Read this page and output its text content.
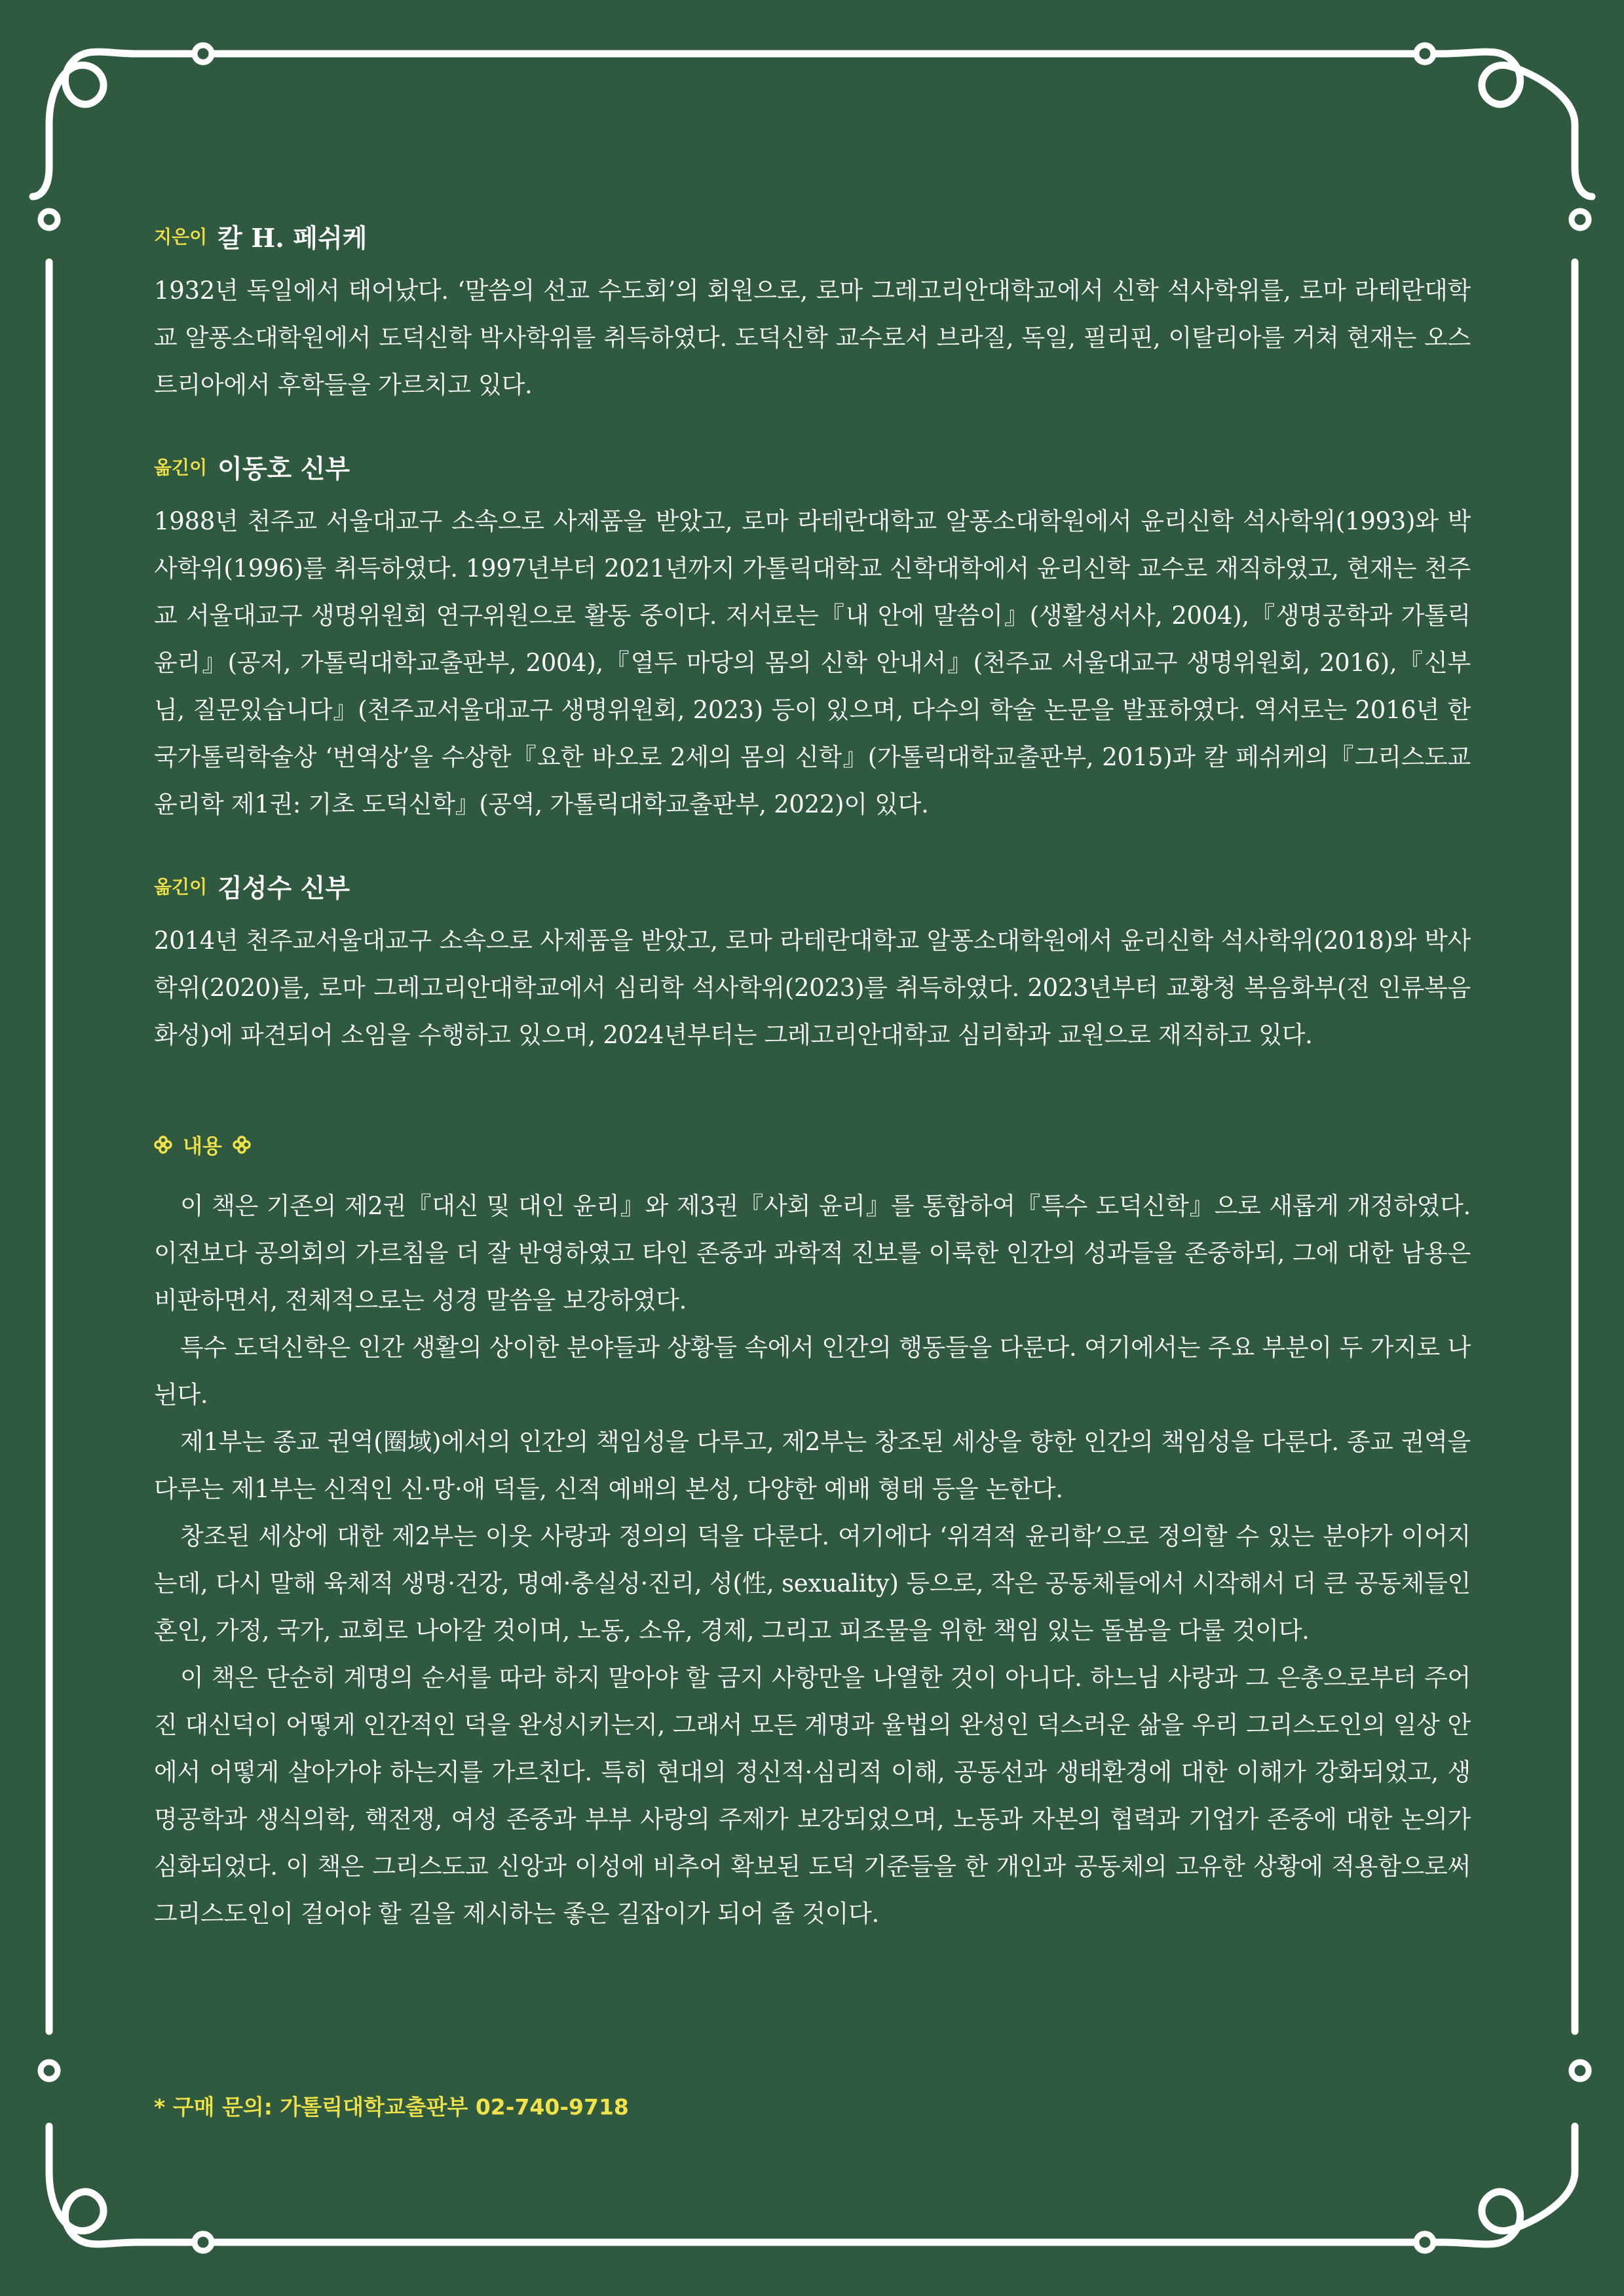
지은이 칼 H. 페쉬케

1932년 독일에서 태어났다. ‘말씀의 선교 수도회’의 회원으로, 로마 그레고리안대학교에서 신학 석사학위를, 로마 라테란대학교 알퐁소대학원에서 도덕신학 박사학위를 취득하였다. 도덕신학 교수로서 브라질, 독일, 필리핀, 이탈리아를 거쳐 현재는 오스트리아에서 후학들을 가르치고 있다.

옮긴이 이동호 신부

1988년 천주교 서울대교구 소속으로 사제품을 받았고, 로마 라테란대학교 알퐁소대학원에서 윤리신학 석사학위(1993)와 박사학위(1996)를 취득하였다. 1997년부터 2021년까지 가톨릭대학교 신학대학에서 윤리신학 교수로 재직하였고, 현재는 천주교 서울대교구 생명위원회 연구위원으로 활동 중이다. 저서로는『내 안에 말씀이』(생활성서사, 2004),『생명공학과 가톨릭 윤리』(공저, 가톨릭대학교출판부, 2004),『열두 마당의 몸의 신학 안내서』(천주교 서울대교구 생명위원회, 2016),『신부님, 질문있습니다』(천주교서울대교구 생명위원회, 2023) 등이 있으며, 다수의 학술 논문을 발표하였다. 역서로는 2016년 한국가톨릭학술상 ‘번역상’을 수상한『요한 바오로 2세의 몸의 신학』(가톨릭대학교출판부, 2015)과 칼 페쉬케의『그리스도교 윤리학 제1권: 기초 도덕신학』(공역, 가톨릭대학교출판부, 2022)이 있다.

옮긴이 김성수 신부

2014년 천주교서울대교구 소속으로 사제품을 받았고, 로마 라테란대학교 알퐁소대학원에서 윤리신학 석사학위(2018)와 박사학위(2020)를, 로마 그레고리안대학교에서 심리학 석사학위(2023)를 취득하였다. 2023년부터 교황청 복음화부(전 인류복음화성)에 파견되어 소임을 수행하고 있으며, 2024년부터는 그레고리안대학교 심리학과 교원으로 재직하고 있다.

내용

이 책은 기존의 제2권『대신 및 대인 윤리』와 제3권『사회 윤리』를 통합하여『특수 도덕신학』으로 새롭게 개정하였다. 이전보다 공의회의 가르침을 더 잘 반영하였고 타인 존중과 과학적 진보를 이룩한 인간의 성과들을 존중하되, 그에 대한 남용은 비판하면서, 전체적으로는 성경 말씀을 보강하였다.

특수 도덕신학은 인간 생활의 상이한 분야들과 상황들 속에서 인간의 행동들을 다룬다. 여기에서는 주요 부분이 두 가지로 나뉜다.

제1부는 종교 권역(圈域)에서의 인간의 책임성을 다루고, 제2부는 창조된 세상을 향한 인간의 책임성을 다룬다. 종교 권역을 다루는 제1부는 신적인 신·망·애 덕들, 신적 예배의 본성, 다양한 예배 형태 등을 논한다.

창조된 세상에 대한 제2부는 이웃 사랑과 정의의 덕을 다룬다. 여기에다 ‘위격적 윤리학’으로 정의할 수 있는 분야가 이어지는데, 다시 말해 육체적 생명·건강, 명예·충실성·진리, 성(性, sexuality) 등으로, 작은 공동체들에서 시작해서 더 큰 공동체들인 혼인, 가정, 국가, 교회로 나아갈 것이며, 노동, 소유, 경제, 그리고 피조물을 위한 책임 있는 돌봄을 다룰 것이다.

이 책은 단순히 계명의 순서를 따라 하지 말아야 할 금지 사항만을 나열한 것이 아니다. 하느님 사랑과 그 은총으로부터 주어진 대신덕이 어떻게 인간적인 덕을 완성시키는지, 그래서 모든 계명과 율법의 완성인 덕스러운 삶을 우리 그리스도인의 일상 안에서 어떻게 살아가야 하는지를 가르친다. 특히 현대의 정신적·심리적 이해, 공동선과 생태환경에 대한 이해가 강화되었고, 생명공학과 생식의학, 핵전쟁, 여성 존중과 부부 사랑의 주제가 보강되었으며, 노동과 자본의 협력과 기업가 존중에 대한 논의가 심화되었다. 이 책은 그리스도교 신앙과 이성에 비추어 확보된 도덕 기준들을 한 개인과 공동체의 고유한 상황에 적용함으로써 그리스도인이 걸어야 할 길을 제시하는 좋은 길잡이가 되어 줄 것이다.

* 구매 문의: 가톨릭대학교출판부 02-740-9718
